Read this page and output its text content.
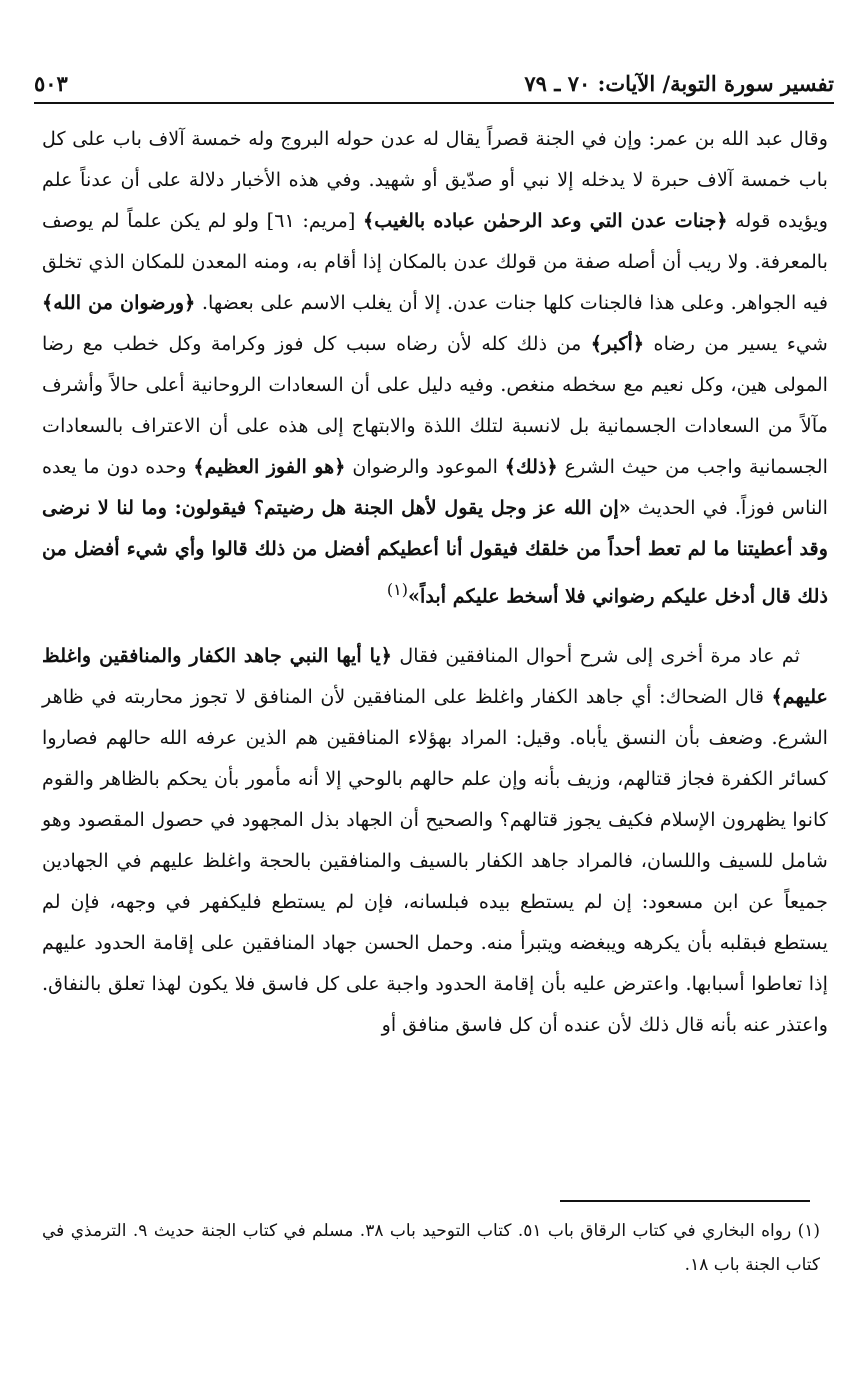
تفسير سورة التوبة/ الآيات: ٧٠ ـ ٧٩
٥٠٣

وقال عبد الله بن عمر: وإن في الجنة قصراً يقال له عدن حوله البروج وله خمسة آلاف باب على كل باب خمسة آلاف حبرة لا يدخله إلا نبي أو صدّيق أو شهيد. وفي هذه الأخبار دلالة على أن عدناً علم ويؤيده قوله ﴿جنات عدن التي وعد الرحمٰن عباده بالغيب﴾ [مريم: ٦١] ولو لم يكن علماً لم يوصف بالمعرفة. ولا ريب أن أصله صفة من قولك عدن بالمكان إذا أقام به، ومنه المعدن للمكان الذي تخلق فيه الجواهر. وعلى هذا فالجنات كلها جنات عدن. إلا أن يغلب الاسم على بعضها. ﴿ورضوان من الله﴾ شيء يسير من رضاه ﴿أكبر﴾ من ذلك كله لأن رضاه سبب كل فوز وكرامة وكل خطب مع رضا المولى هين، وكل نعيم مع سخطه منغص. وفيه دليل على أن السعادات الروحانية أعلى حالاً وأشرف مآلاً من السعادات الجسمانية بل لانسبة لتلك اللذة والابتهاج إلى هذه على أن الاعتراف بالسعادات الجسمانية واجب من حيث الشرع ﴿ذلك﴾ الموعود والرضوان ﴿هو الفوز العظيم﴾ وحده دون ما يعده الناس فوزاً. في الحديث «إن الله عز وجل يقول لأهل الجنة هل رضيتم؟ فيقولون: وما لنا لا نرضى وقد أعطيتنا ما لم تعط أحداً من خلقك فيقول أنا أعطيكم أفضل من ذلك قالوا وأي شيء أفضل من ذلك قال أدخل عليكم رضواني فلا أسخط عليكم أبداً»$^{(١)}$

ثم عاد مرة أخرى إلى شرح أحوال المنافقين فقال ﴿يا أيها النبي جاهد الكفار والمنافقين واغلظ عليهم﴾ قال الضحاك: أي جاهد الكفار واغلظ على المنافقين لأن المنافق لا تجوز محاربته في ظاهر الشرع. وضعف بأن النسق يأباه. وقيل: المراد بهؤلاء المنافقين هم الذين عرفه الله حالهم فصاروا كسائر الكفرة فجاز قتالهم، وزيف بأنه وإن علم حالهم بالوحي إلا أنه مأمور بأن يحكم بالظاهر والقوم كانوا يظهرون الإسلام فكيف يجوز قتالهم؟ والصحيح أن الجهاد بذل المجهود في حصول المقصود وهو شامل للسيف واللسان، فالمراد جاهد الكفار بالسيف والمنافقين بالحجة واغلظ عليهم في الجهادين جميعاً عن ابن مسعود: إن لم يستطع بيده فبلسانه، فإن لم يستطع فليكفهر في وجهه، فإن لم يستطع فبقلبه بأن يكرهه ويبغضه ويتبرأ منه. وحمل الحسن جهاد المنافقين على إقامة الحدود عليهم إذا تعاطوا أسبابها. واعترض عليه بأن إقامة الحدود واجبة على كل فاسق فلا يكون لهذا تعلق بالنفاق. واعتذر عنه بأنه قال ذلك لأن عنده أن كل فاسق منافق أو

(١) رواه البخاري في كتاب الرقاق باب ٥١. كتاب التوحيد باب ٣٨. مسلم في كتاب الجنة حديث ٩. الترمذي في كتاب الجنة باب ١٨.
